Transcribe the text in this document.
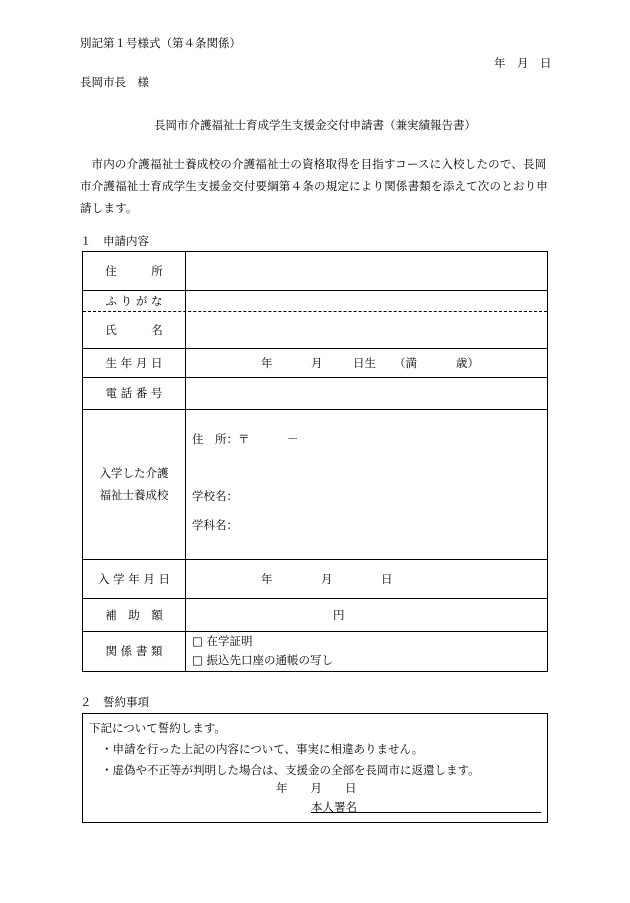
別記第１号様式（第４条関係）
年　月　日
長岡市長　様
長岡市介護福祉士育成学生支援金交付申請書（兼実績報告書）
市内の介護福祉士養成校の介護福祉士の資格取得を目指すコースに入校したので、長岡市介護福祉士育成学生支援金交付要綱第４条の規定により関係書類を添えて次のとおり申請します。
１　申請内容
住　　　所
ふ り が な
氏　　　名
生 年 月 日	年	月	日生 （満	歳）
電 話 番 号
入学した介護
福祉士養成校
住　所：〒	－
学校名：
学科名：
入 学 年 月 日	年	月	日
補　助　額	円
関 係 書 類
□ 在学証明
□ 振込先口座の通帳の写し
２　誓約事項
下記について誓約します。
・申請を行った上記の内容について、事実に相違ありません。
・虚偽や不正等が判明した場合は、支援金の全部を長岡市に返還します。
年　　月　　日
本人署名
